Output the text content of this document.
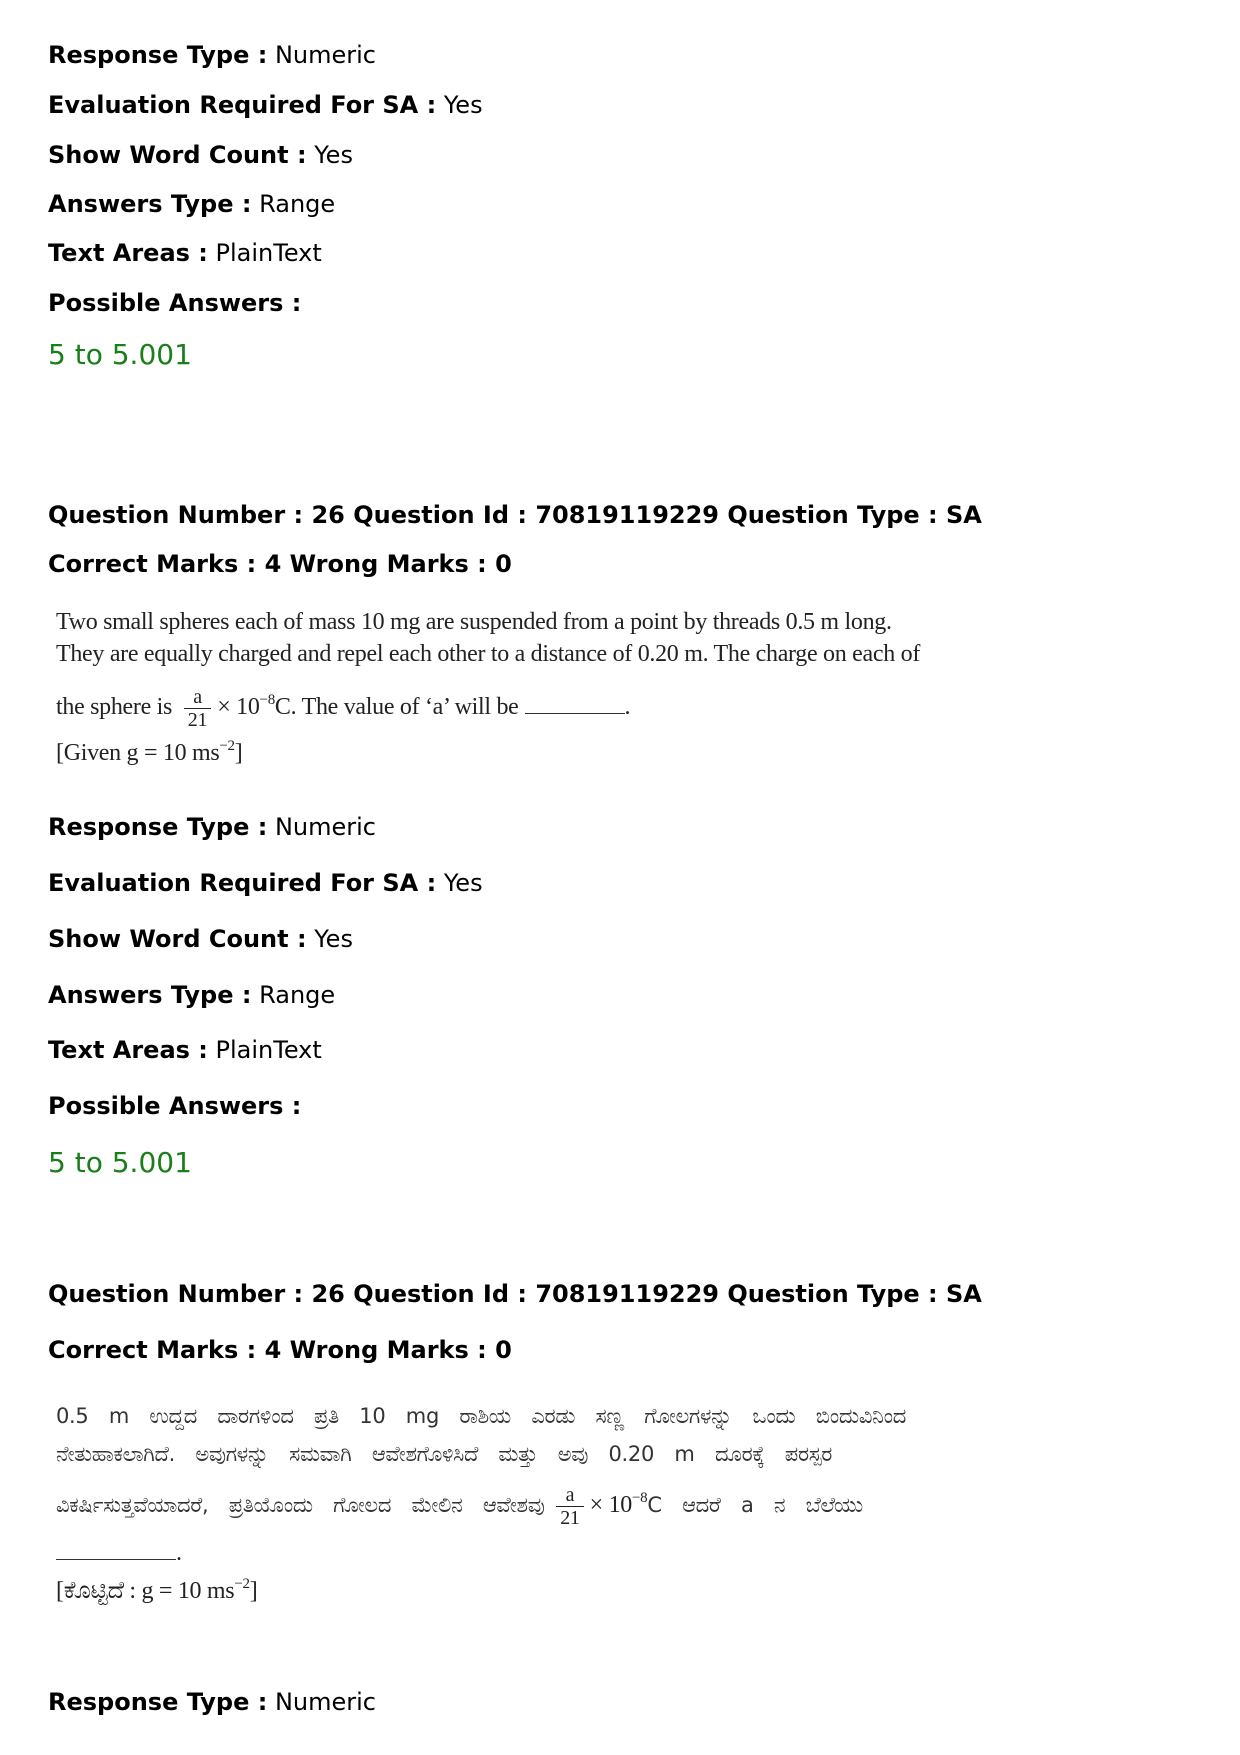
Response Type : Numeric
Evaluation Required For SA : Yes
Show Word Count : Yes
Answers Type : Range
Text Areas : PlainText
Possible Answers :
5 to 5.001
Question Number : 26 Question Id : 70819119229 Question Type : SA
Correct Marks : 4 Wrong Marks : 0
Two small spheres each of mass 10 mg are suspended from a point by threads 0.5 m long.
They are equally charged and repel each other to a distance of 0.20 m. The charge on each of
the sphere is $\frac{a}{21} \times 10^{-8}C$. The value of ‘a’ will be	.
[Given g = 10 $ms^{-2}$]
Response Type : Numeric
Evaluation Required For SA : Yes
Show Word Count : Yes
Answers Type : Range
Text Areas : PlainText
Possible Answers :
5 to 5.001
Question Number : 26 Question Id : 70819119229 Question Type : SA
Correct Marks : 4 Wrong Marks : 0
0.5 m ಉದ್ದದ ದಾರಗಳಿಂದ ಪ್ರತಿ 10 mg ರಾಶಿಯ ಎರಡು ಸಣ್ಣ ಗೋಲಗಳನ್ನು ಒಂದು ಬಿಂದುವಿನಿಂದ
ನೇತುಹಾಕಲಾಗಿದೆ. ಅವುಗಳನ್ನು ಸಮವಾಗಿ ಆವೇಶಗೊಳಿಸಿದೆ ಮತ್ತು ಅವು 0.20 m ದೂರಕ್ಕೆ ಪರಸ್ಪರ
ವಿಕರ್ಷಿಸುತ್ತವೆಯಾದರೆ, ಪ್ರತಿಯೊಂದು ಗೋಲದ ಮೇಲಿನ ಆವೇಶವು $\frac{a}{21} \times 10^{-8}C$ ಆದರೆ a ನ ಬೆಲೆಯು
.
[ಕೊಟ್ಟಿದೆ : g = 10 $ms^{-2}$]
Response Type : Numeric
